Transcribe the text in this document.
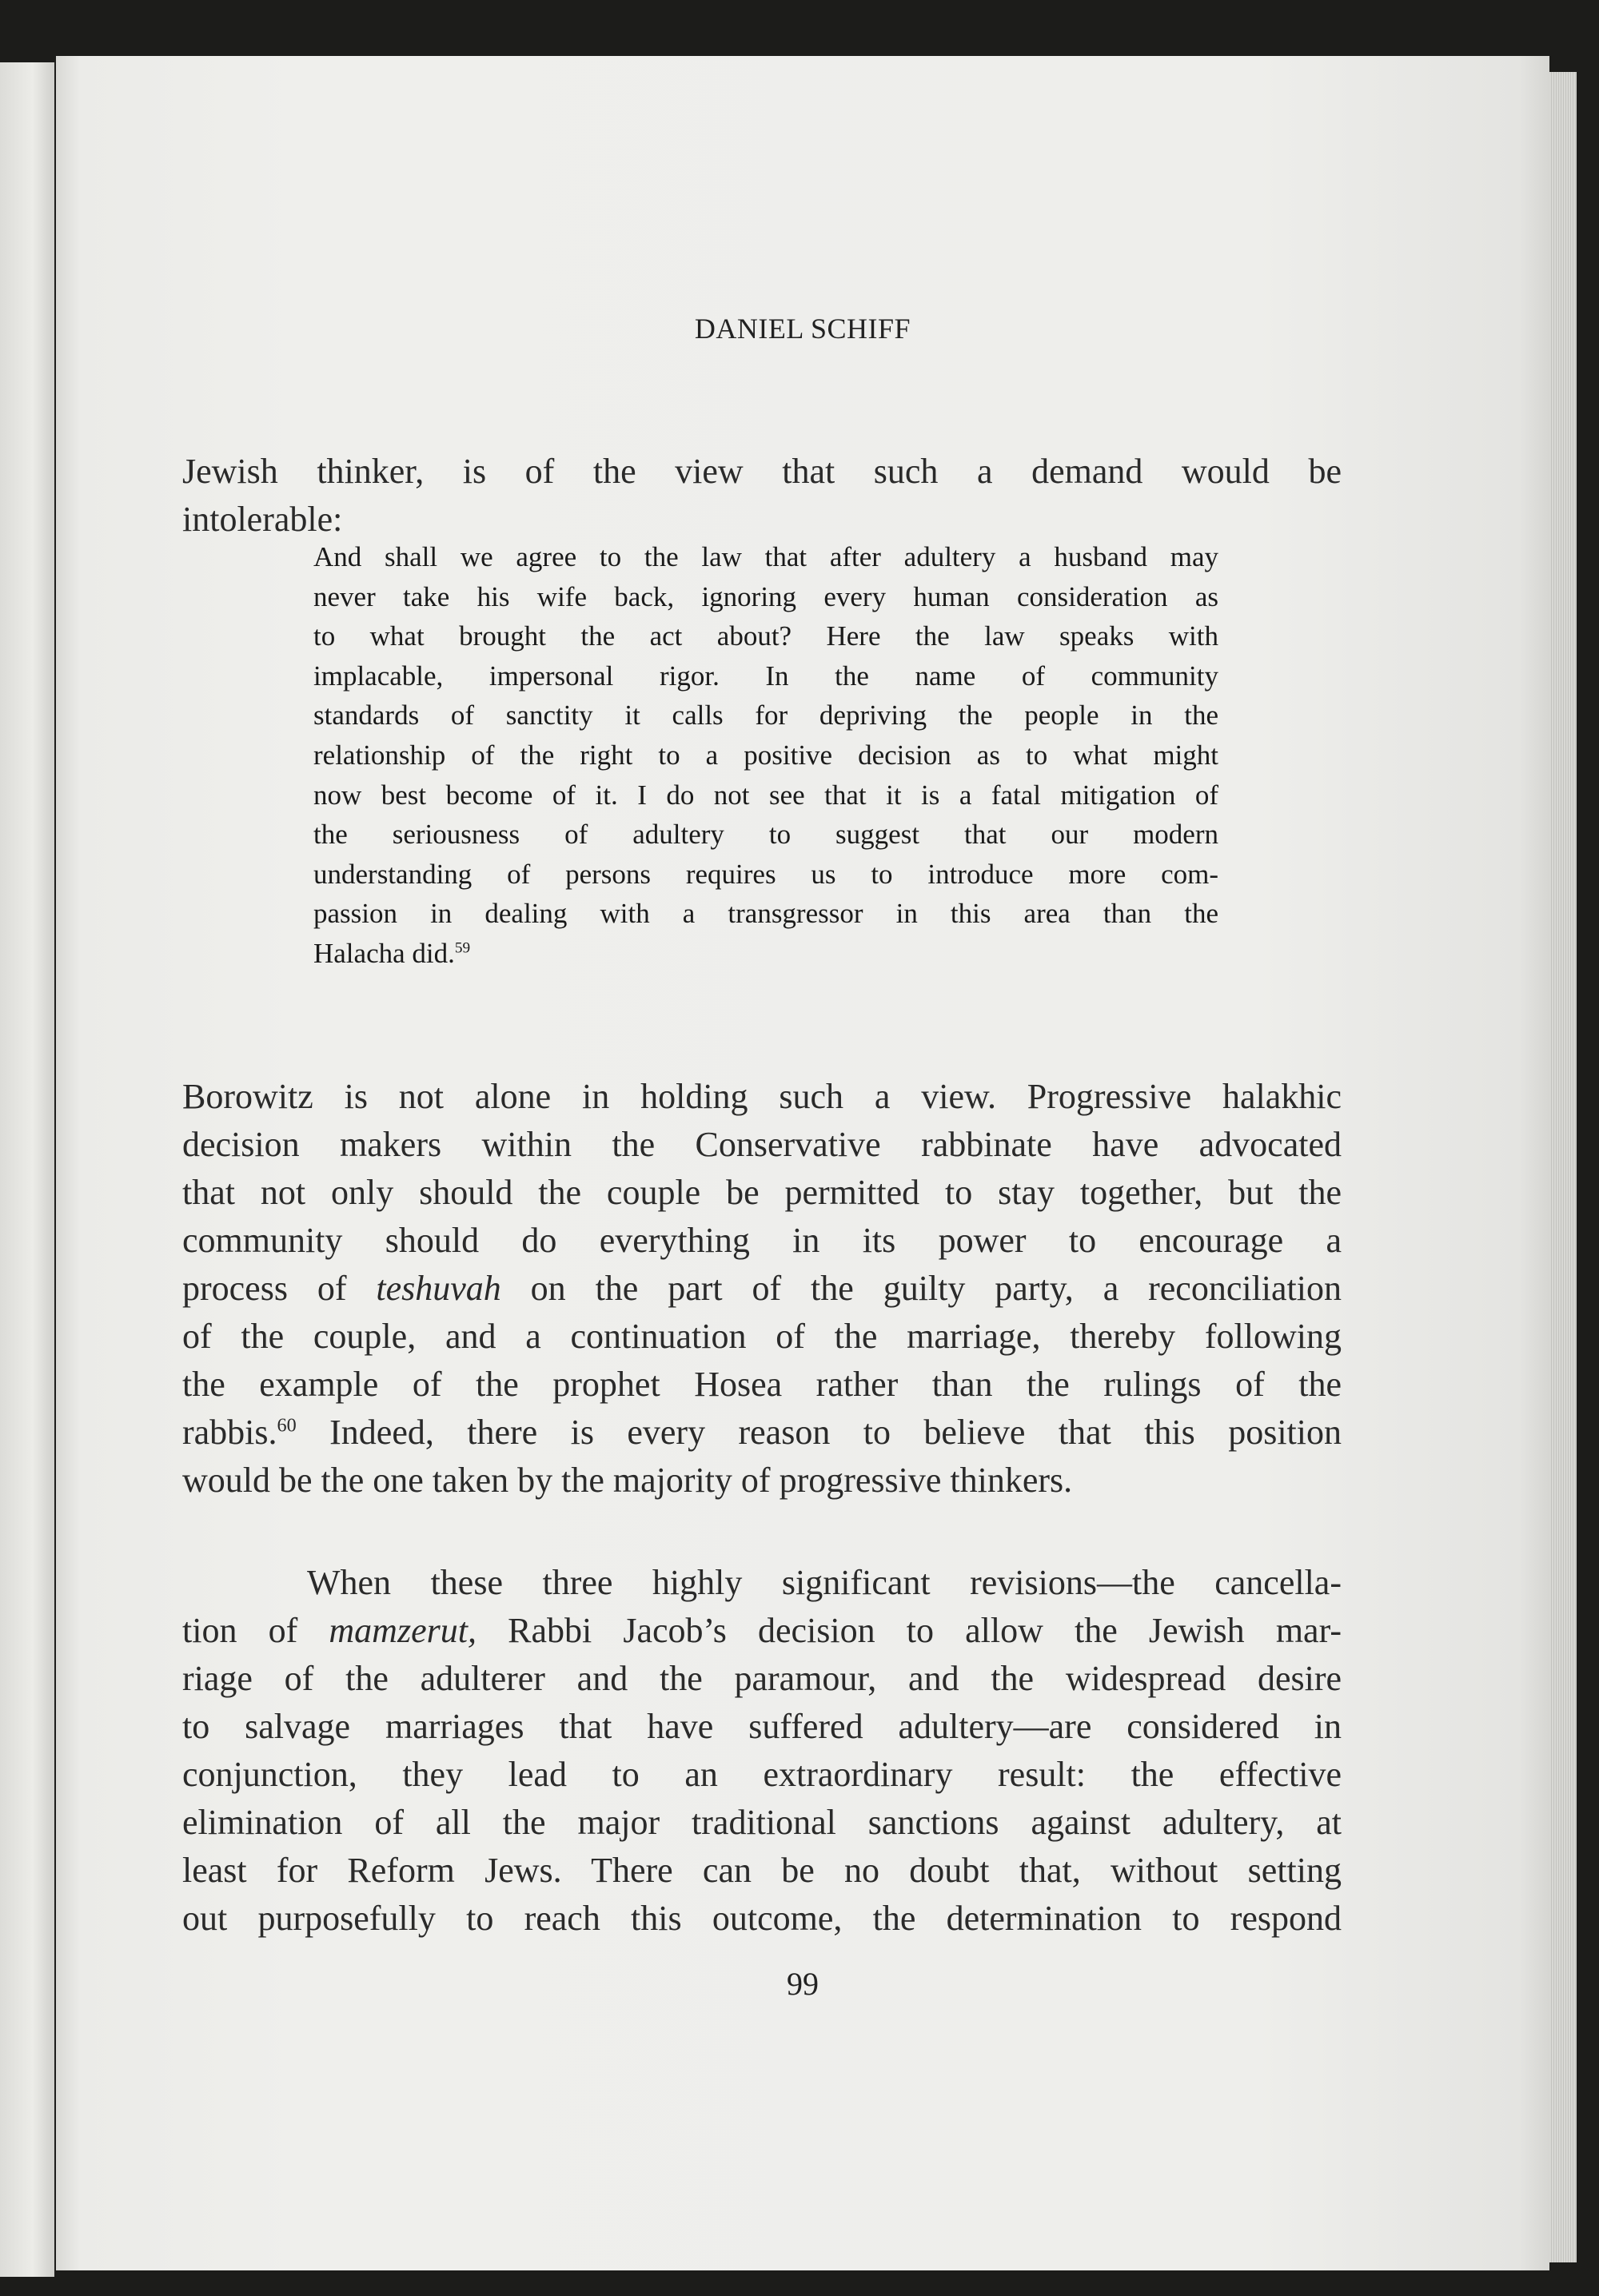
DANIEL SCHIFF
Jewish thinker, is of the view that such a demand would be
intolerable:
And shall we agree to the law that after adultery a husband may
never take his wife back, ignoring every human consideration as
to what brought the act about? Here the law speaks with
implacable, impersonal rigor. In the name of community
standards of sanctity it calls for depriving the people in the
relationship of the right to a positive decision as to what might
now best become of it. I do not see that it is a fatal mitigation of
the seriousness of adultery to suggest that our modern
understanding of persons requires us to introduce more com-
passion in dealing with a transgressor in this area than the
Halacha did.$^{59}$
Borowitz is not alone in holding such a view. Progressive halakhic
decision makers within the Conservative rabbinate have advocated
that not only should the couple be permitted to stay together, but the
community should do everything in its power to encourage a
process of teshuvah on the part of the guilty party, a reconciliation
of the couple, and a continuation of the marriage, thereby following
the example of the prophet Hosea rather than the rulings of the
rabbis.$^{60}$ Indeed, there is every reason to believe that this position
would be the one taken by the majority of progressive thinkers.
When these three highly significant revisions—the cancella-
tion of mamzerut, Rabbi Jacob’s decision to allow the Jewish mar-
riage of the adulterer and the paramour, and the widespread desire
to salvage marriages that have suffered adultery—are considered in
conjunction, they lead to an extraordinary result: the effective
elimination of all the major traditional sanctions against adultery, at
least for Reform Jews. There can be no doubt that, without setting
out purposefully to reach this outcome, the determination to respond
99
